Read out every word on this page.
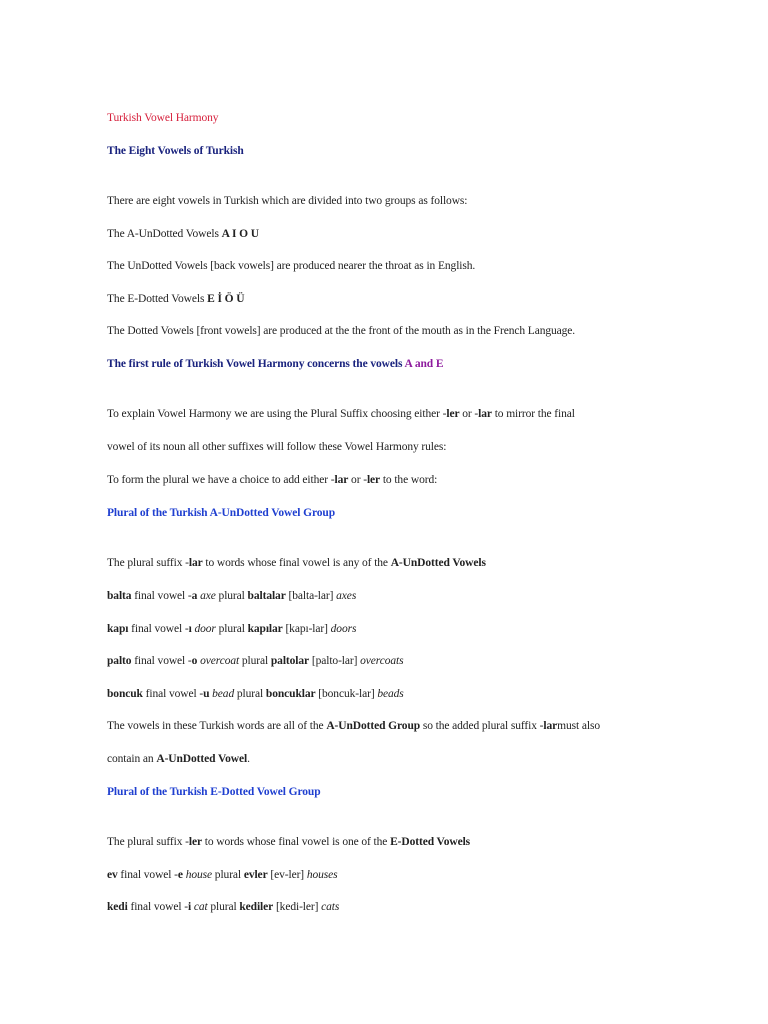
Turkish Vowel Harmony
The Eight Vowels of Turkish
There are eight vowels in Turkish which are divided into two groups as follows:
The A-UnDotted Vowels A I O U
The UnDotted Vowels [back vowels] are produced nearer the throat as in English.
The E-Dotted Vowels E İ Ö Ü
The Dotted Vowels [front vowels] are produced at the the front of the mouth as in the French Language.
The first rule of Turkish Vowel Harmony concerns the vowels A and E
To explain Vowel Harmony we are using the Plural Suffix choosing either -ler or -lar to mirror the final
vowel of its noun all other suffixes will follow these Vowel Harmony rules:
To form the plural we have a choice to add either -lar or -ler to the word:
Plural of the Turkish A-UnDotted Vowel Group
The plural suffix -lar to words whose final vowel is any of the A-UnDotted Vowels
balta final vowel -a axe plural baltalar [balta-lar] axes
kapı final vowel -ı door plural kapılar [kapı-lar] doors
palto final vowel -o overcoat plural paltolar [palto-lar] overcoats
boncuk final vowel -u bead plural boncuklar [boncuk-lar] beads
The vowels in these Turkish words are all of the A-UnDotted Group so the added plural suffix -larmust also
contain an A-UnDotted Vowel.
Plural of the Turkish E-Dotted Vowel Group
The plural suffix -ler to words whose final vowel is one of the E-Dotted Vowels
ev final vowel -e house plural evler [ev-ler] houses
kedi final vowel -i cat plural kediler [kedi-ler] cats
